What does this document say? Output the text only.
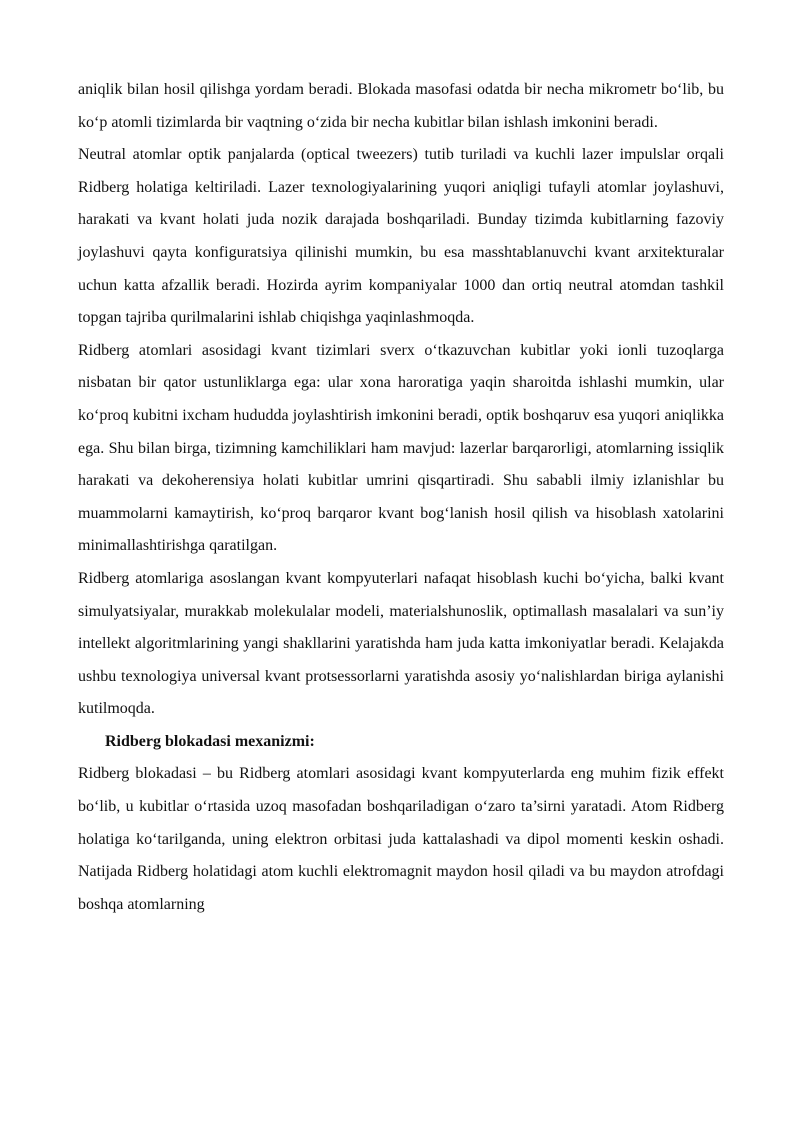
aniqlik bilan hosil qilishga yordam beradi. Blokada masofasi odatda bir necha mikrometr bo‘lib, bu ko‘p atomli tizimlarda bir vaqtning o‘zida bir necha kubitlar bilan ishlash imkonini beradi.

Neutral atomlar optik panjalarda (optical tweezers) tutib turiladi va kuchli lazer impulslar orqali Ridberg holatiga keltiriladi. Lazer texnologiyalarining yuqori aniqligi tufayli atomlar joylashuvi, harakati va kvant holati juda nozik darajada boshqariladi. Bunday tizimda kubitlarning fazoviy joylashuvi qayta konfiguratsiya qilinishi mumkin, bu esa masshtablanuvchi kvant arxitekturalar uchun katta afzallik beradi. Hozirda ayrim kompaniyalar 1000 dan ortiq neutral atomdan tashkil topgan tajriba qurilmalarini ishlab chiqishga yaqinlashmoqda.

Ridberg atomlari asosidagi kvant tizimlari sverx o‘tkazuvchan kubitlar yoki ionli tuzoqlarga nisbatan bir qator ustunliklarga ega: ular xona haroratiga yaqin sharoitda ishlashi mumkin, ular ko‘proq kubitni ixcham hududda joylashtirish imkonini beradi, optik boshqaruv esa yuqori aniqlikka ega. Shu bilan birga, tizimning kamchiliklari ham mavjud: lazerlar barqarorligi, atomlarning issiqlik harakati va dekoherensiya holati kubitlar umrini qisqartiradi. Shu sababli ilmiy izlanishlar bu muammolarni kamaytirish, ko‘proq barqaror kvant bog‘lanish hosil qilish va hisoblash xatolarini minimallashtirishga qaratilgan.

Ridberg atomlariga asoslangan kvant kompyuterlari nafaqat hisoblash kuchi bo‘yicha, balki kvant simulyatsiyalar, murakkab molekulalar modeli, materialshunoslik, optimallash masalalari va sun’iy intellekt algoritmlarining yangi shakllarini yaratishda ham juda katta imkoniyatlar beradi. Kelajakda ushbu texnologiya universal kvant protsessorlarni yaratishda asosiy yo‘nalishlardan biriga aylanishi kutilmoqda.

Ridberg blokadasi mexanizmi:

Ridberg blokadasi – bu Ridberg atomlari asosidagi kvant kompyuterlarda eng muhim fizik effekt bo‘lib, u kubitlar o‘rtasida uzoq masofadan boshqariladigan o‘zaro ta’sirni yaratadi. Atom Ridberg holatiga ko‘tarilganda, uning elektron orbitasi juda kattalashadi va dipol momenti keskin oshadi. Natijada Ridberg holatidagi atom kuchli elektromagnit maydon hosil qiladi va bu maydon atrofdagi boshqa atomlarning
